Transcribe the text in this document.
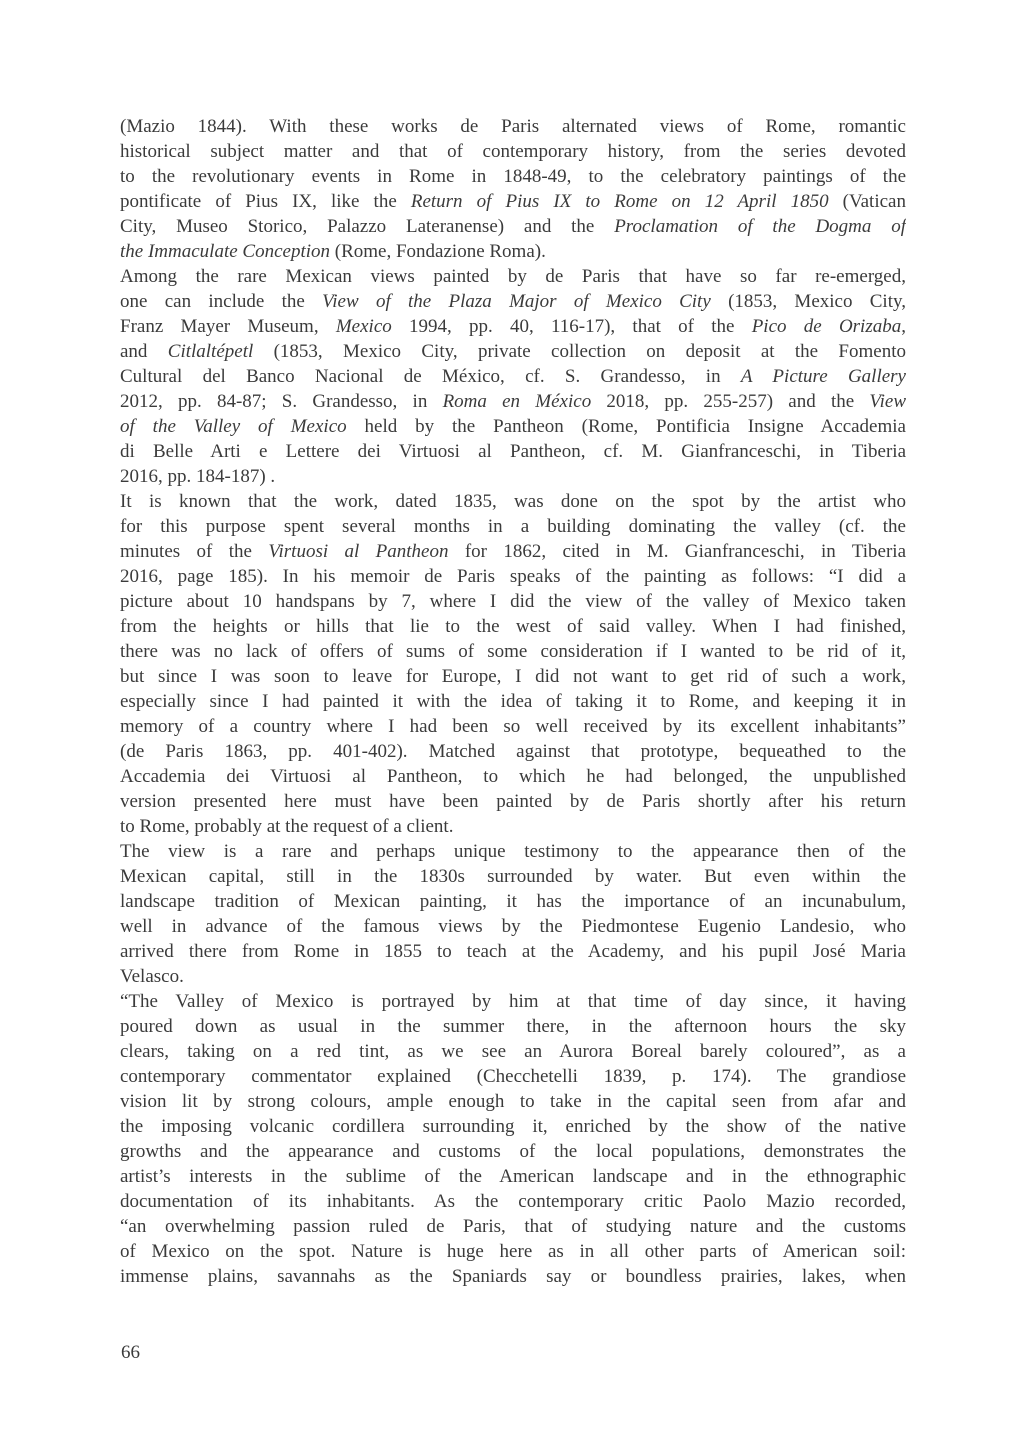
(Mazio 1844). With these works de Paris alternated views of Rome, romantic
historical subject matter and that of contemporary history, from the series devoted
to the revolutionary events in Rome in 1848-49, to the celebratory paintings of the
pontificate of Pius IX, like the Return of Pius IX to Rome on 12 April 1850 (Vatican
City, Museo Storico, Palazzo Lateranense) and the Proclamation of the Dogma of
the Immaculate Conception (Rome, Fondazione Roma).
Among the rare Mexican views painted by de Paris that have so far re-emerged,
one can include the View of the Plaza Major of Mexico City (1853, Mexico City,
Franz Mayer Museum, Mexico 1994, pp. 40, 116-17), that of the Pico de Orizaba,
and Citlaltépetl (1853, Mexico City, private collection on deposit at the Fomento
Cultural del Banco Nacional de México, cf. S. Grandesso, in A Picture Gallery
2012, pp. 84-87; S. Grandesso, in Roma en México 2018, pp. 255-257) and the View
of the Valley of Mexico held by the Pantheon (Rome, Pontificia Insigne Accademia
di Belle Arti e Lettere dei Virtuosi al Pantheon, cf. M. Gianfranceschi, in Tiberia
2016, pp. 184-187) .
It is known that the work, dated 1835, was done on the spot by the artist who
for this purpose spent several months in a building dominating the valley (cf. the
minutes of the Virtuosi al Pantheon for 1862, cited in M. Gianfranceschi, in Tiberia
2016, page 185). In his memoir de Paris speaks of the painting as follows: “I did a
picture about 10 handspans by 7, where I did the view of the valley of Mexico taken
from the heights or hills that lie to the west of said valley. When I had finished,
there was no lack of offers of sums of some consideration if I wanted to be rid of it,
but since I was soon to leave for Europe, I did not want to get rid of such a work,
especially since I had painted it with the idea of taking it to Rome, and keeping it in
memory of a country where I had been so well received by its excellent inhabitants”
(de Paris 1863, pp. 401-402). Matched against that prototype, bequeathed to the
Accademia dei Virtuosi al Pantheon, to which he had belonged, the unpublished
version presented here must have been painted by de Paris shortly after his return
to Rome, probably at the request of a client.
The view is a rare and perhaps unique testimony to the appearance then of the
Mexican capital, still in the 1830s surrounded by water. But even within the
landscape tradition of Mexican painting, it has the importance of an incunabulum,
well in advance of the famous views by the Piedmontese Eugenio Landesio, who
arrived there from Rome in 1855 to teach at the Academy, and his pupil José Maria
Velasco.
“The Valley of Mexico is portrayed by him at that time of day since, it having
poured down as usual in the summer there, in the afternoon hours the sky
clears, taking on a red tint, as we see an Aurora Boreal barely coloured”, as a
contemporary commentator explained (Checchetelli 1839, p. 174). The grandiose
vision lit by strong colours, ample enough to take in the capital seen from afar and
the imposing volcanic cordillera surrounding it, enriched by the show of the native
growths and the appearance and customs of the local populations, demonstrates the
artist’s interests in the sublime of the American landscape and in the ethnographic
documentation of its inhabitants. As the contemporary critic Paolo Mazio recorded,
“an overwhelming passion ruled de Paris, that of studying nature and the customs
of Mexico on the spot. Nature is huge here as in all other parts of American soil:
immense plains, savannahs as the Spaniards say or boundless prairies, lakes, when
66
